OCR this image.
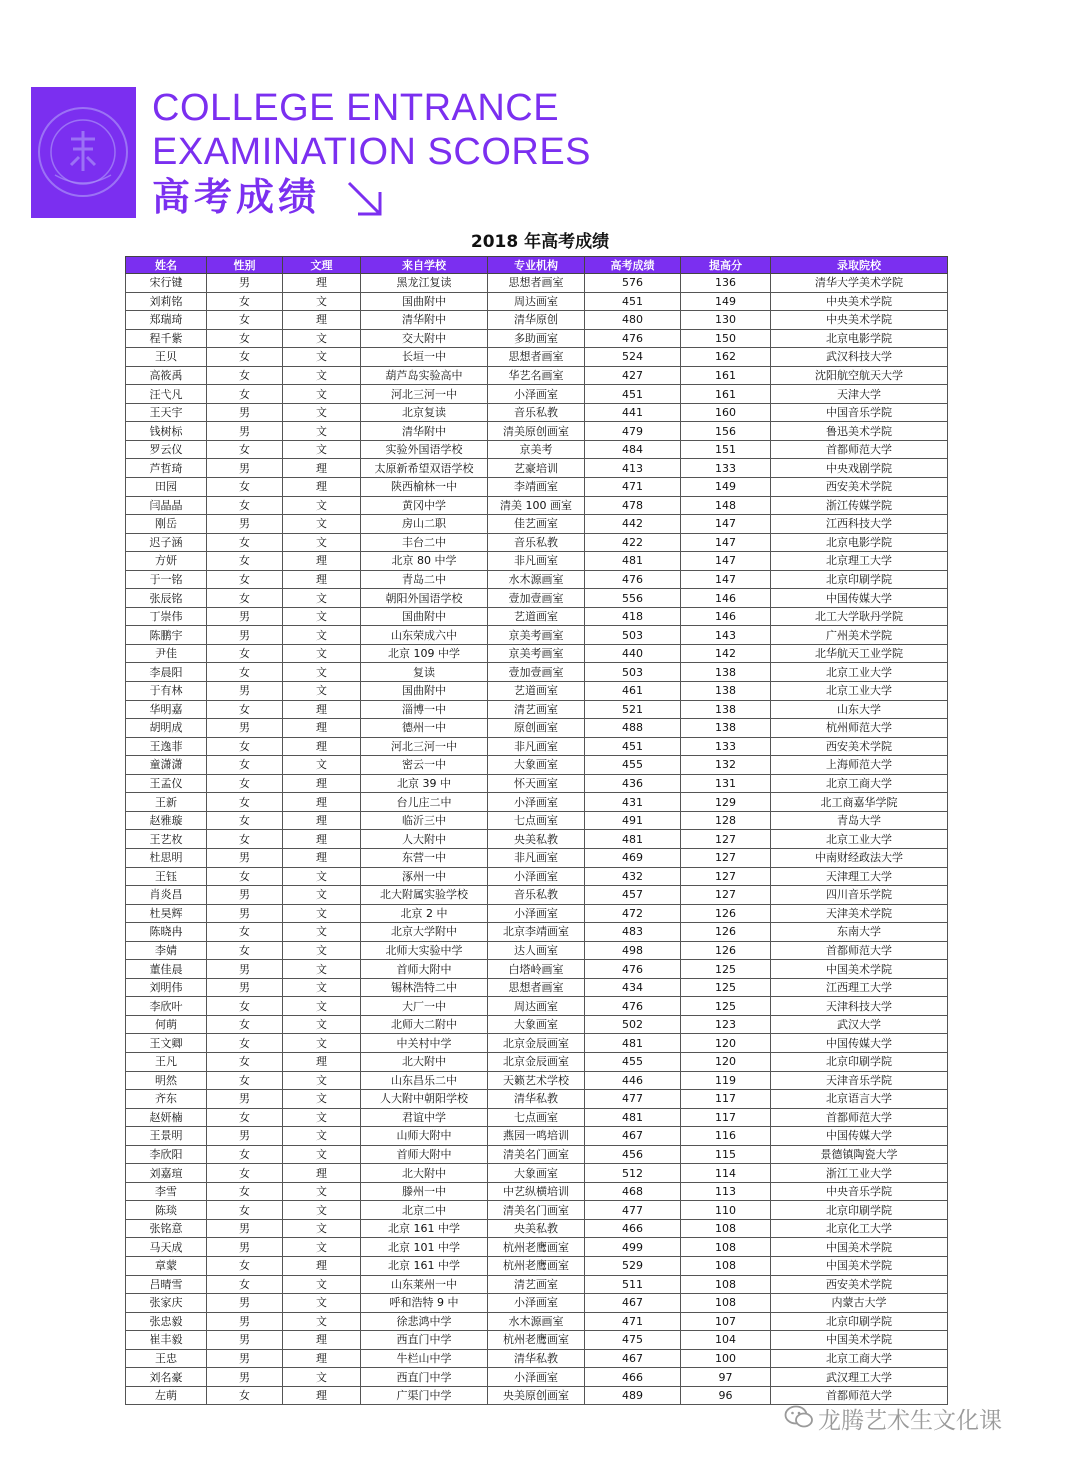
COLLEGE ENTRANCE
EXAMINATION SCORES
高考成绩
2018 年高考成绩
姓名	性别	文理	来自学校	专业机构	高考成绩	提高分	录取院校
宋行键	男	理	黑龙江复读	思想者画室	576	136	清华大学美术学院
刘莉铭	女	文	国曲附中	周达画室	451	149	中央美术学院
郑瑞琦	女	理	清华附中	清华原创	480	130	中央美术学院
程千紫	女	文	交大附中	多助画室	476	150	北京电影学院
王贝	女	文	长垣一中	思想者画室	524	162	武汉科技大学
高筱禹	女	文	葫芦岛实验高中	华艺名画室	427	161	沈阳航空航天大学
汪弋凡	女	文	河北三河一中	小泽画室	451	161	天津大学
王天宇	男	文	北京复读	音乐私教	441	160	中国音乐学院
钱树标	男	文	清华附中	清美原创画室	479	156	鲁迅美术学院
罗云仪	女	文	实验外国语学校	京美考	484	151	首都师范大学
芦哲琦	男	理	太原新希望双语学校	艺豪培训	413	133	中央戏剧学院
田园	女	理	陕西榆林一中	李靖画室	471	149	西安美术学院
闫晶晶	女	文	黄冈中学	清美 100 画室	478	148	浙江传媒学院
刚岳	男	文	房山二职	佳艺画室	442	147	江西科技大学
迟子涵	女	文	丰台二中	音乐私教	422	147	北京电影学院
方妍	女	理	北京 80 中学	非凡画室	481	147	北京理工大学
于一铭	女	理	青岛二中	水木源画室	476	147	北京印刷学院
张辰铭	女	文	朝阳外国语学校	壹加壹画室	556	146	中国传媒大学
丁崇伟	男	文	国曲附中	艺道画室	418	146	北工大学耿丹学院
陈鹏宇	男	文	山东荣成六中	京美考画室	503	143	广州美术学院
尹佳	女	文	北京 109 中学	京美考画室	440	142	北华航天工业学院
李晨阳	女	文	复读	壹加壹画室	503	138	北京工业大学
于有林	男	文	国曲附中	艺道画室	461	138	北京工业大学
华明嘉	女	理	淄博一中	清艺画室	521	138	山东大学
胡明成	男	理	德州一中	原创画室	488	138	杭州师范大学
王逸菲	女	理	河北三河一中	非凡画室	451	133	西安美术学院
童潇潇	女	文	密云一中	大象画室	455	132	上海师范大学
王孟仪	女	理	北京 39 中	怀天画室	436	131	北京工商大学
王新	女	理	台儿庄二中	小泽画室	431	129	北工商嘉华学院
赵雅璇	女	理	临沂三中	七点画室	491	128	青岛大学
王艺枚	女	理	人大附中	央美私教	481	127	北京工业大学
杜思明	男	理	东营一中	非凡画室	469	127	中南财经政法大学
王钰	女	文	涿州一中	小泽画室	432	127	天津理工大学
肖炎昌	男	文	北大附属实验学校	音乐私教	457	127	四川音乐学院
杜昊辉	男	文	北京 2 中	小泽画室	472	126	天津美术学院
陈晓冉	女	文	北京大学附中	北京李靖画室	483	126	东南大学
李婧	女	文	北师大实验中学	达人画室	498	126	首都师范大学
董佳晨	男	文	首师大附中	白塔岭画室	476	125	中国美术学院
刘明伟	男	文	锡林浩特二中	思想者画室	434	125	江西理工大学
李欣叶	女	文	大厂一中	周达画室	476	125	天津科技大学
何萌	女	文	北师大二附中	大象画室	502	123	武汉大学
王文卿	女	文	中关村中学	北京金辰画室	481	120	中国传媒大学
王凡	女	理	北大附中	北京金辰画室	455	120	北京印刷学院
明然	女	文	山东昌乐二中	天籁艺术学校	446	119	天津音乐学院
齐东	男	文	人大附中朝阳学校	清华私教	477	117	北京语言大学
赵妍楠	女	文	君谊中学	七点画室	481	117	首都师范大学
王景明	男	文	山师大附中	燕园一鸣培训	467	116	中国传媒大学
李欣阳	女	文	首师大附中	清美名门画室	456	115	景德镇陶瓷大学
刘嘉瑄	女	理	北大附中	大象画室	512	114	浙江工业大学
李雪	女	文	滕州一中	中艺纵横培训	468	113	中央音乐学院
陈琰	女	文	北京二中	清美名门画室	477	110	北京印刷学院
张铭意	男	文	北京 161 中学	央美私教	466	108	北京化工大学
马天成	男	文	北京 101 中学	杭州老鹰画室	499	108	中国美术学院
章蒙	女	理	北京 161 中学	杭州老鹰画室	529	108	中国美术学院
吕晴雪	女	文	山东莱州一中	清艺画室	511	108	西安美术学院
张家庆	男	文	呼和浩特 9 中	小泽画室	467	108	内蒙古大学
张忠毅	男	文	徐悲鸿中学	水木源画室	471	107	北京印刷学院
崔丰毅	男	理	西直门中学	杭州老鹰画室	475	104	中国美术学院
王忠	男	理	牛栏山中学	清华私教	467	100	北京工商大学
刘名豪	男	文	西直门中学	小泽画室	466	97	武汉理工大学
左萌	女	理	广渠门中学	央美原创画室	489	96	首都师范大学
龙腾艺术生文化课
